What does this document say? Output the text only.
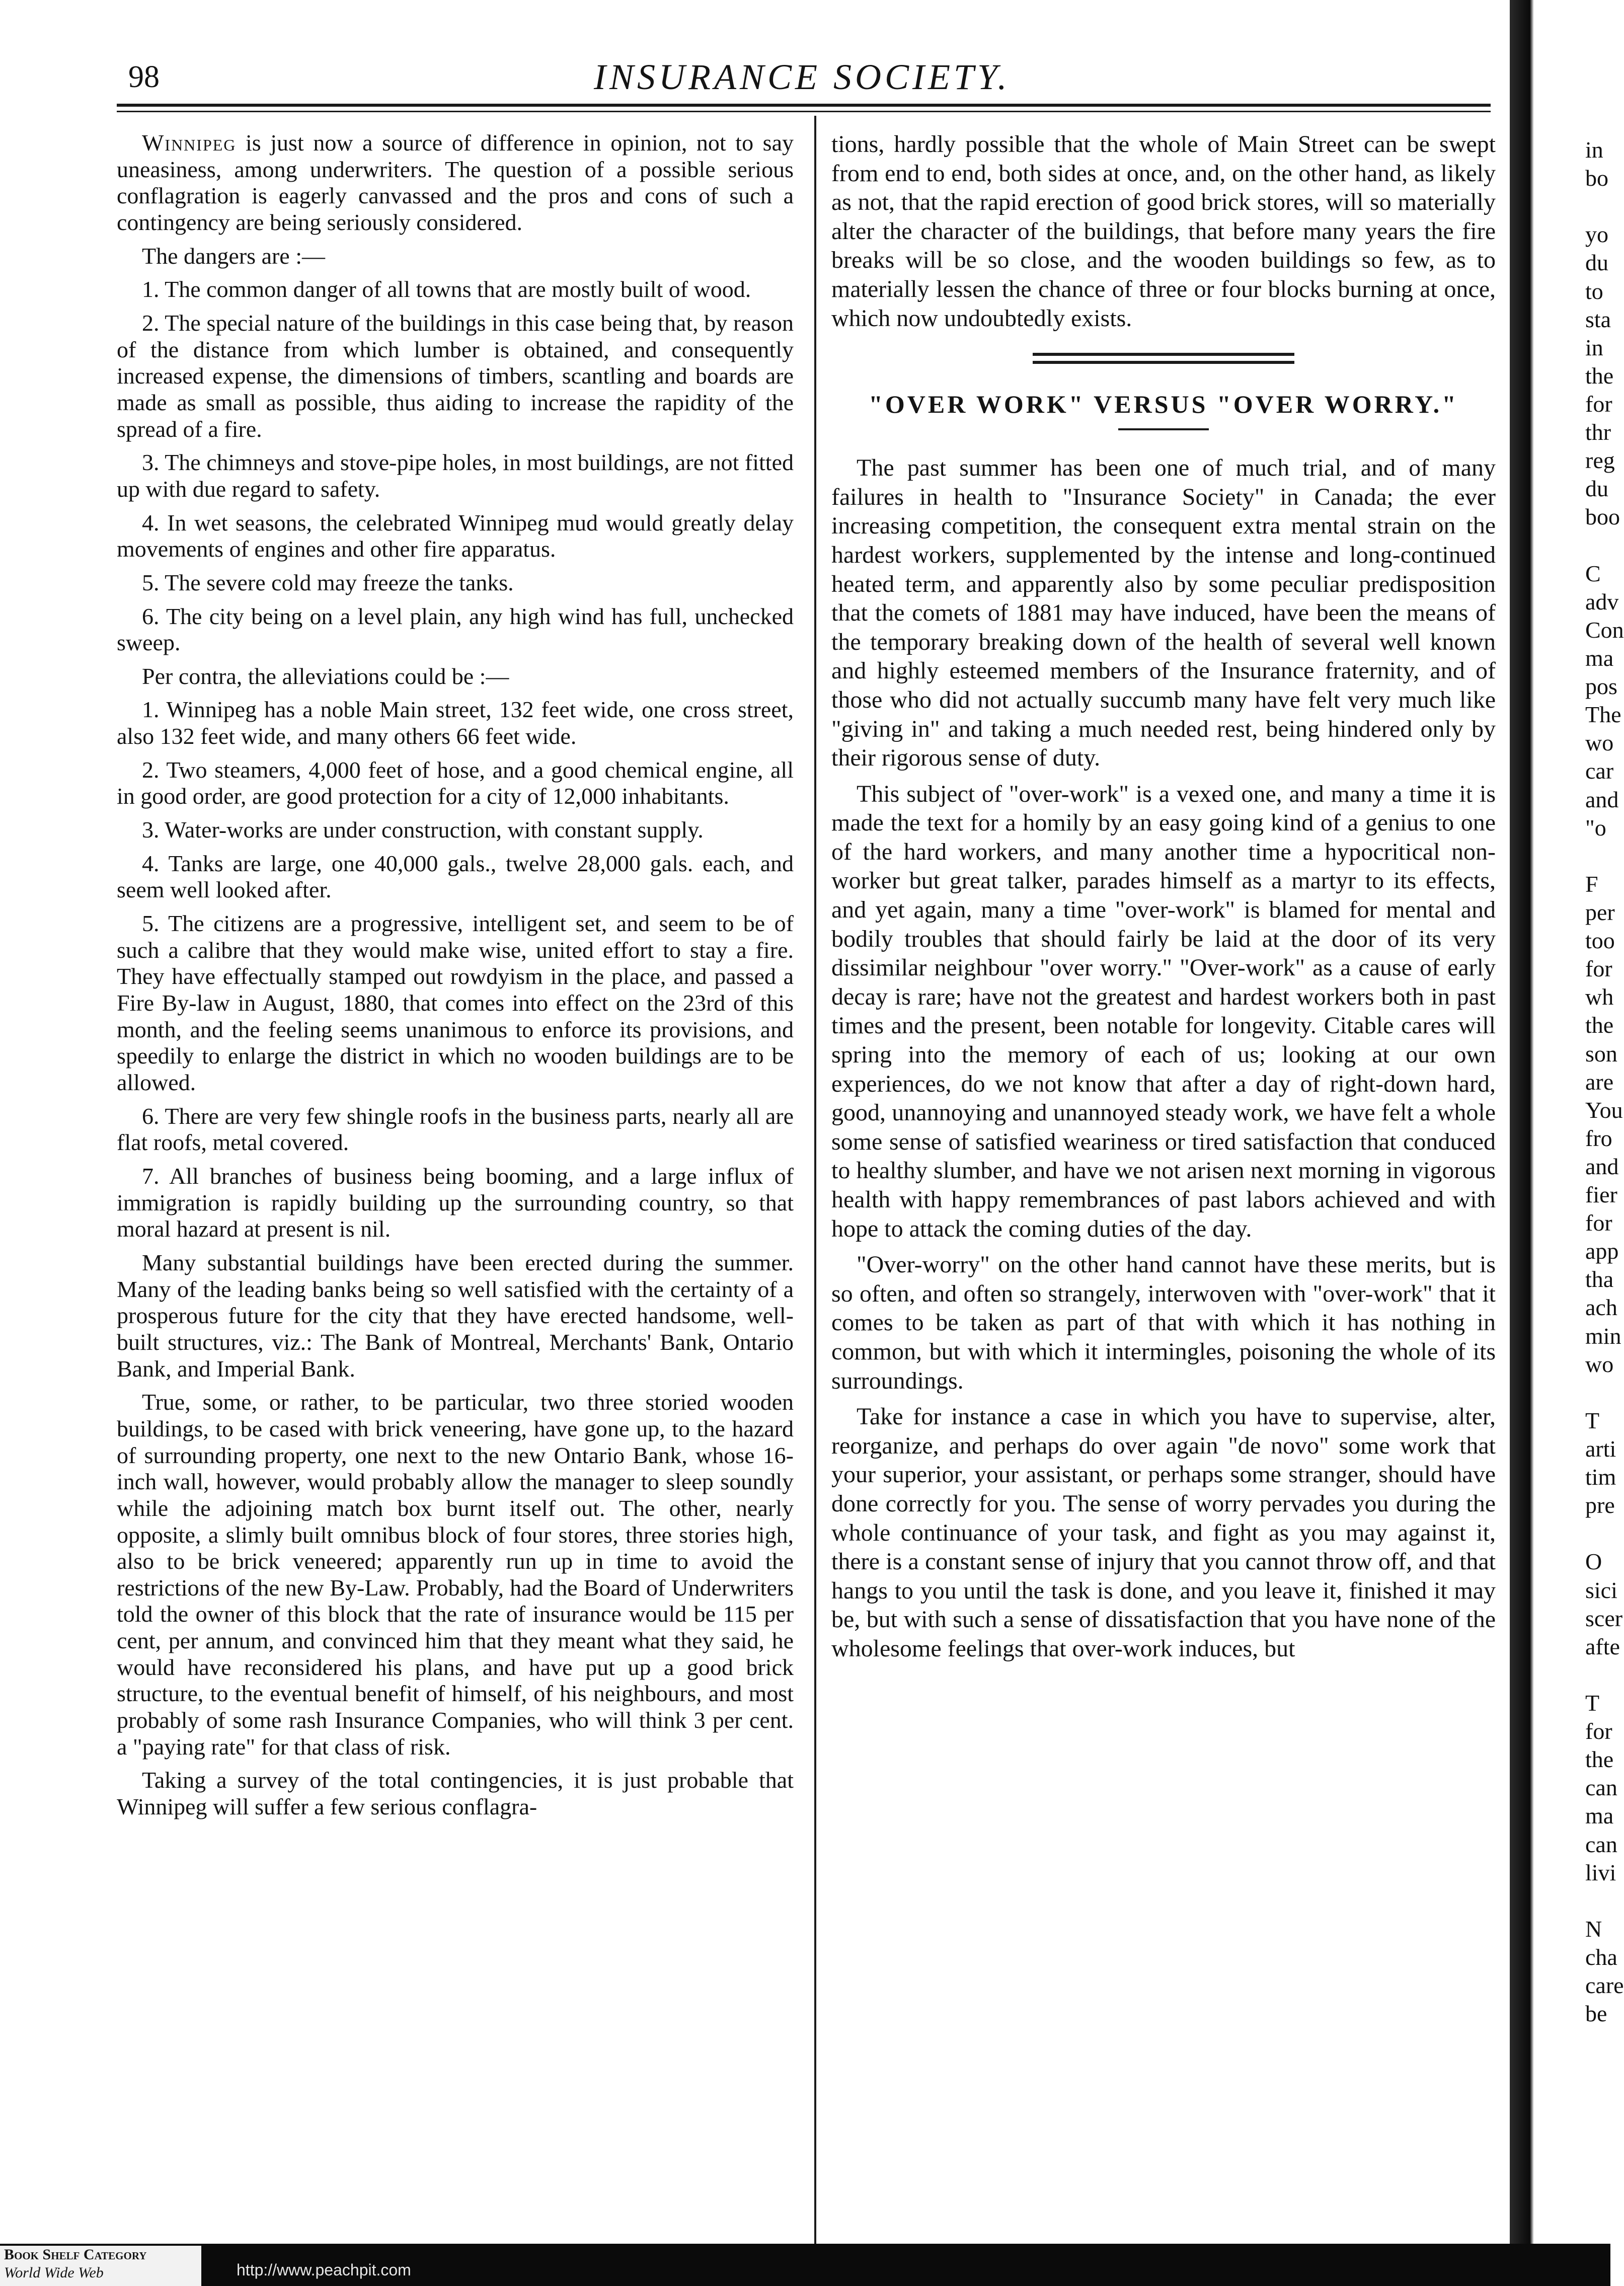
98	INSURANCE SOCIETY.

Winnipeg is just now a source of difference in opinion, not to say uneasiness, among underwriters. The question of a possible serious conflagration is eagerly canvassed and the pros and cons of such a contingency are being seriously considered.

The dangers are :—

1. The common danger of all towns that are mostly built of wood.

2. The special nature of the buildings in this case being that, by reason of the distance from which lumber is obtained, and consequently increased expense, the dimensions of timbers, scantling and boards are made as small as possible, thus aiding to increase the rapidity of the spread of a fire.

3. The chimneys and stove-pipe holes, in most buildings, are not fitted up with due regard to safety.

4. In wet seasons, the celebrated Winnipeg mud would greatly delay movements of engines and other fire apparatus.

5. The severe cold may freeze the tanks.

6. The city being on a level plain, any high wind has full, unchecked sweep.

Per contra, the alleviations could be :—

1. Winnipeg has a noble Main street, 132 feet wide, one cross street, also 132 feet wide, and many others 66 feet wide.

2. Two steamers, 4,000 feet of hose, and a good chemical engine, all in good order, are good protection for a city of 12,000 inhabitants.

3. Water-works are under construction, with constant supply.

4. Tanks are large, one 40,000 gals., twelve 28,000 gals. each, and seem well looked after.

5. The citizens are a progressive, intelligent set, and seem to be of such a calibre that they would make wise, united effort to stay a fire. They have effectually stamped out rowdyism in the place, and passed a Fire By-law in August, 1880, that comes into effect on the 23rd of this month, and the feeling seems unanimous to enforce its provisions, and speedily to enlarge the district in which no wooden buildings are to be allowed.

6. There are very few shingle roofs in the business parts, nearly all are flat roofs, metal covered.

7. All branches of business being booming, and a large influx of immigration is rapidly building up the surrounding country, so that moral hazard at present is nil.

Many substantial buildings have been erected during the summer. Many of the leading banks being so well satisfied with the certainty of a prosperous future for the city that they have erected handsome, well-built structures, viz.: The Bank of Montreal, Merchants' Bank, Ontario Bank, and Imperial Bank.

True, some, or rather, to be particular, two three storied wooden buildings, to be cased with brick veneering, have gone up, to the hazard of surrounding property, one next to the new Ontario Bank, whose 16-inch wall, however, would probably allow the manager to sleep soundly while the adjoining match box burnt itself out. The other, nearly opposite, a slimly built omnibus block of four stores, three stories high, also to be brick veneered; apparently run up in time to avoid the restrictions of the new By-Law. Probably, had the Board of Underwriters told the owner of this block that the rate of insurance would be 115 per cent, per annum, and convinced him that they meant what they said, he would have reconsidered his plans, and have put up a good brick structure, to the eventual benefit of himself, of his neighbours, and most probably of some rash Insurance Companies, who will think 3 per cent. a "paying rate" for that class of risk.

Taking a survey of the total contingencies, it is just probable that Winnipeg will suffer a few serious conflagra-

tions, hardly possible that the whole of Main Street can be swept from end to end, both sides at once, and, on the other hand, as likely as not, that the rapid erection of good brick stores, will so materially alter the character of the buildings, that before many years the fire breaks will be so close, and the wooden buildings so few, as to materially lessen the chance of three or four blocks burning at once, which now undoubtedly exists.

"OVER WORK" VERSUS "OVER WORRY."

The past summer has been one of much trial, and of many failures in health to "Insurance Society" in Canada; the ever increasing competition, the consequent extra mental strain on the hardest workers, supplemented by the intense and long-continued heated term, and apparently also by some peculiar predisposition that the comets of 1881 may have induced, have been the means of the temporary breaking down of the health of several well known and highly esteemed members of the Insurance fraternity, and of those who did not actually succumb many have felt very much like "giving in" and taking a much needed rest, being hindered only by their rigorous sense of duty.

This subject of "over-work" is a vexed one, and many a time it is made the text for a homily by an easy going kind of a genius to one of the hard workers, and many another time a hypocritical non-worker but great talker, parades himself as a martyr to its effects, and yet again, many a time "over-work" is blamed for mental and bodily troubles that should fairly be laid at the door of its very dissimilar neighbour "over worry." "Over-work" as a cause of early decay is rare; have not the greatest and hardest workers both in past times and the present, been notable for longevity. Citable cares will spring into the memory of each of us; looking at our own experiences, do we not know that after a day of right-down hard, good, unannoying and unannoyed steady work, we have felt a whole some sense of satisfied weariness or tired satisfaction that conduced to healthy slumber, and have we not arisen next morning in vigorous health with happy remembrances of past labors achieved and with hope to attack the coming duties of the day.

"Over-worry" on the other hand cannot have these merits, but is so often, and often so strangely, interwoven with "over-work" that it comes to be taken as part of that with which it has nothing in common, but with which it intermingles, poisoning the whole of its surroundings.

Take for instance a case in which you have to supervise, alter, reorganize, and perhaps do over again "de novo" some work that your superior, your assistant, or perhaps some stranger, should have done correctly for you. The sense of worry pervades you during the whole continuance of your task, and fight as you may against it, there is a constant sense of injury that you cannot throw off, and that hangs to you until the task is done, and you leave it, finished it may be, but with such a sense of dissatisfaction that you have none of the wholesome feelings that over-work induces, but

in
bo
yo
du
to
sta
in
the
for
thr
reg
du
boo
C
adv
Con
ma
pos
The
wo
car
and
"o
F
per
too
for
wh
the
son
are
You
fro
and
fier
for
app
tha
ach
min
wo
T
arti
tim
pre
O
sici
scer
afte
T
for
the
can
ma
can
livi
N
cha
care
be
Book Shelf Category
World Wide Web	http://www.peachpit.com
